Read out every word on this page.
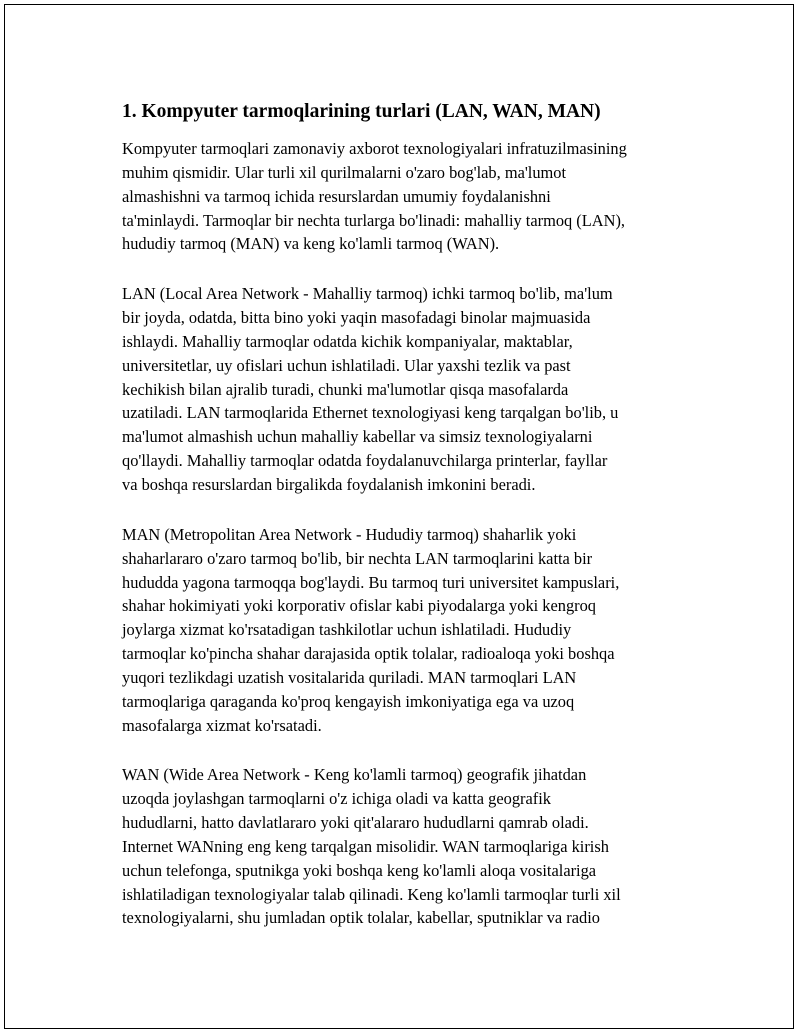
1. Kompyuter tarmoqlarining turlari (LAN, WAN, MAN)

Kompyuter tarmoqlari zamonaviy axborot texnologiyalari infratuzilmasining
muhim qismidir. Ular turli xil qurilmalarni o'zaro bog'lab, ma'lumot
almashishni va tarmoq ichida resurslardan umumiy foydalanishni
ta'minlaydi. Tarmoqlar bir nechta turlarga bo'linadi: mahalliy tarmoq (LAN),
hududiy tarmoq (MAN) va keng ko'lamli tarmoq (WAN).

LAN (Local Area Network - Mahalliy tarmoq) ichki tarmoq bo'lib, ma'lum
bir joyda, odatda, bitta bino yoki yaqin masofadagi binolar majmuasida
ishlaydi. Mahalliy tarmoqlar odatda kichik kompaniyalar, maktablar,
universitetlar, uy ofislari uchun ishlatiladi. Ular yaxshi tezlik va past
kechikish bilan ajralib turadi, chunki ma'lumotlar qisqa masofalarda
uzatiladi. LAN tarmoqlarida Ethernet texnologiyasi keng tarqalgan bo'lib, u
ma'lumot almashish uchun mahalliy kabellar va simsiz texnologiyalarni
qo'llaydi. Mahalliy tarmoqlar odatda foydalanuvchilarga printerlar, fayllar
va boshqa resurslardan birgalikda foydalanish imkonini beradi.

MAN (Metropolitan Area Network - Hududiy tarmoq) shaharlik yoki
shaharlararo o'zaro tarmoq bo'lib, bir nechta LAN tarmoqlarini katta bir
hududda yagona tarmoqqa bog'laydi. Bu tarmoq turi universitet kampuslari,
shahar hokimiyati yoki korporativ ofislar kabi piyodalarga yoki kengroq
joylarga xizmat ko'rsatadigan tashkilotlar uchun ishlatiladi. Hududiy
tarmoqlar ko'pincha shahar darajasida optik tolalar, radioaloqa yoki boshqa
yuqori tezlikdagi uzatish vositalarida quriladi. MAN tarmoqlari LAN
tarmoqlariga qaraganda ko'proq kengayish imkoniyatiga ega va uzoq
masofalarga xizmat ko'rsatadi.

WAN (Wide Area Network - Keng ko'lamli tarmoq) geografik jihatdan
uzoqda joylashgan tarmoqlarni o'z ichiga oladi va katta geografik
hududlarni, hatto davlatlararo yoki qit'alararo hududlarni qamrab oladi.
Internet WANning eng keng tarqalgan misolidir. WAN tarmoqlariga kirish
uchun telefonga, sputnikga yoki boshqa keng ko'lamli aloqa vositalariga
ishlatiladigan texnologiyalar talab qilinadi. Keng ko'lamli tarmoqlar turli xil
texnologiyalarni, shu jumladan optik tolalar, kabellar, sputniklar va radio
